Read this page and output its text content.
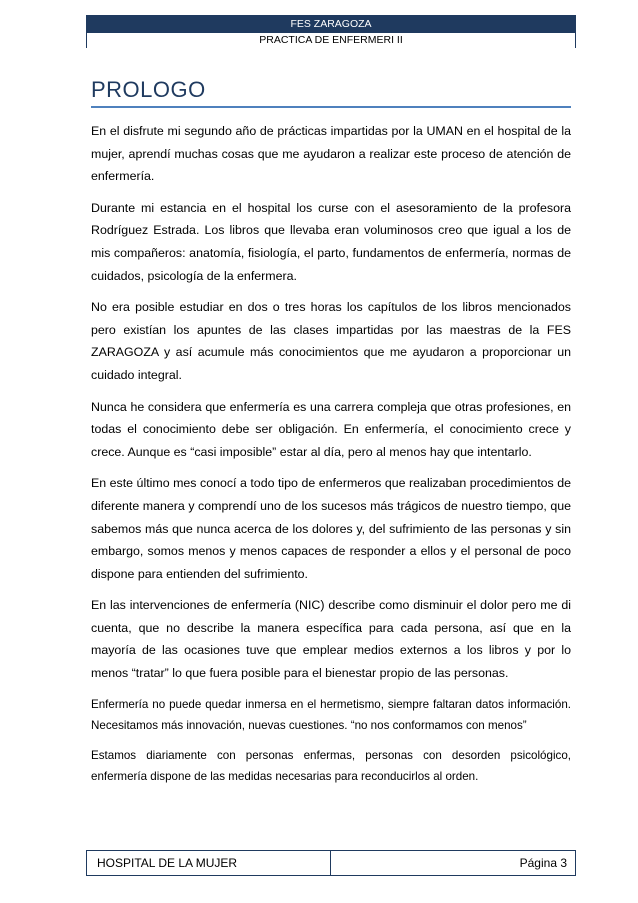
FES ZARAGOZA
PRACTICA DE ENFERMERI II
PROLOGO

En el disfrute mi segundo año de prácticas impartidas por la UMAN en el hospital de la mujer, aprendí muchas cosas que me ayudaron a realizar este proceso de atención de enfermería.

Durante mi estancia en el hospital los curse con el asesoramiento de la profesora Rodríguez Estrada. Los libros que llevaba eran voluminosos creo que igual a los de mis compañeros: anatomía, fisiología, el parto, fundamentos de enfermería, normas de cuidados, psicología de la enfermera.

No era posible estudiar en dos o tres horas los capítulos de los libros mencionados pero existían los apuntes de las clases impartidas por las maestras de la FES ZARAGOZA y así acumule más conocimientos que me ayudaron a proporcionar un cuidado integral.

Nunca he considera que enfermería es una carrera compleja que otras profesiones, en todas el conocimiento debe ser obligación. En enfermería, el conocimiento crece y crece. Aunque es “casi imposible” estar al día, pero al menos hay que intentarlo.

En este último mes conocí a todo tipo de enfermeros que realizaban procedimientos de diferente manera y comprendí uno de los sucesos más trágicos de nuestro tiempo, que sabemos más que nunca acerca de los dolores y, del sufrimiento de las personas y sin embargo, somos menos y menos capaces de responder a ellos y el personal de poco dispone para entienden del sufrimiento.

En las intervenciones de enfermería (NIC) describe como disminuir el dolor pero me di cuenta, que no describe la manera específica para cada persona, así que en la mayoría de las ocasiones tuve que emplear medios externos a los libros y por lo menos “tratar” lo que fuera posible para el bienestar propio de las personas.

Enfermería no puede quedar inmersa en el hermetismo, siempre faltaran datos información. Necesitamos más innovación, nuevas cuestiones. “no nos conformamos con menos”

Estamos diariamente con personas enfermas, personas con desorden psicológico, enfermería dispone de las medidas necesarias para reconducirlos al orden.

HOSPITAL DE LA MUJER	Página 3
